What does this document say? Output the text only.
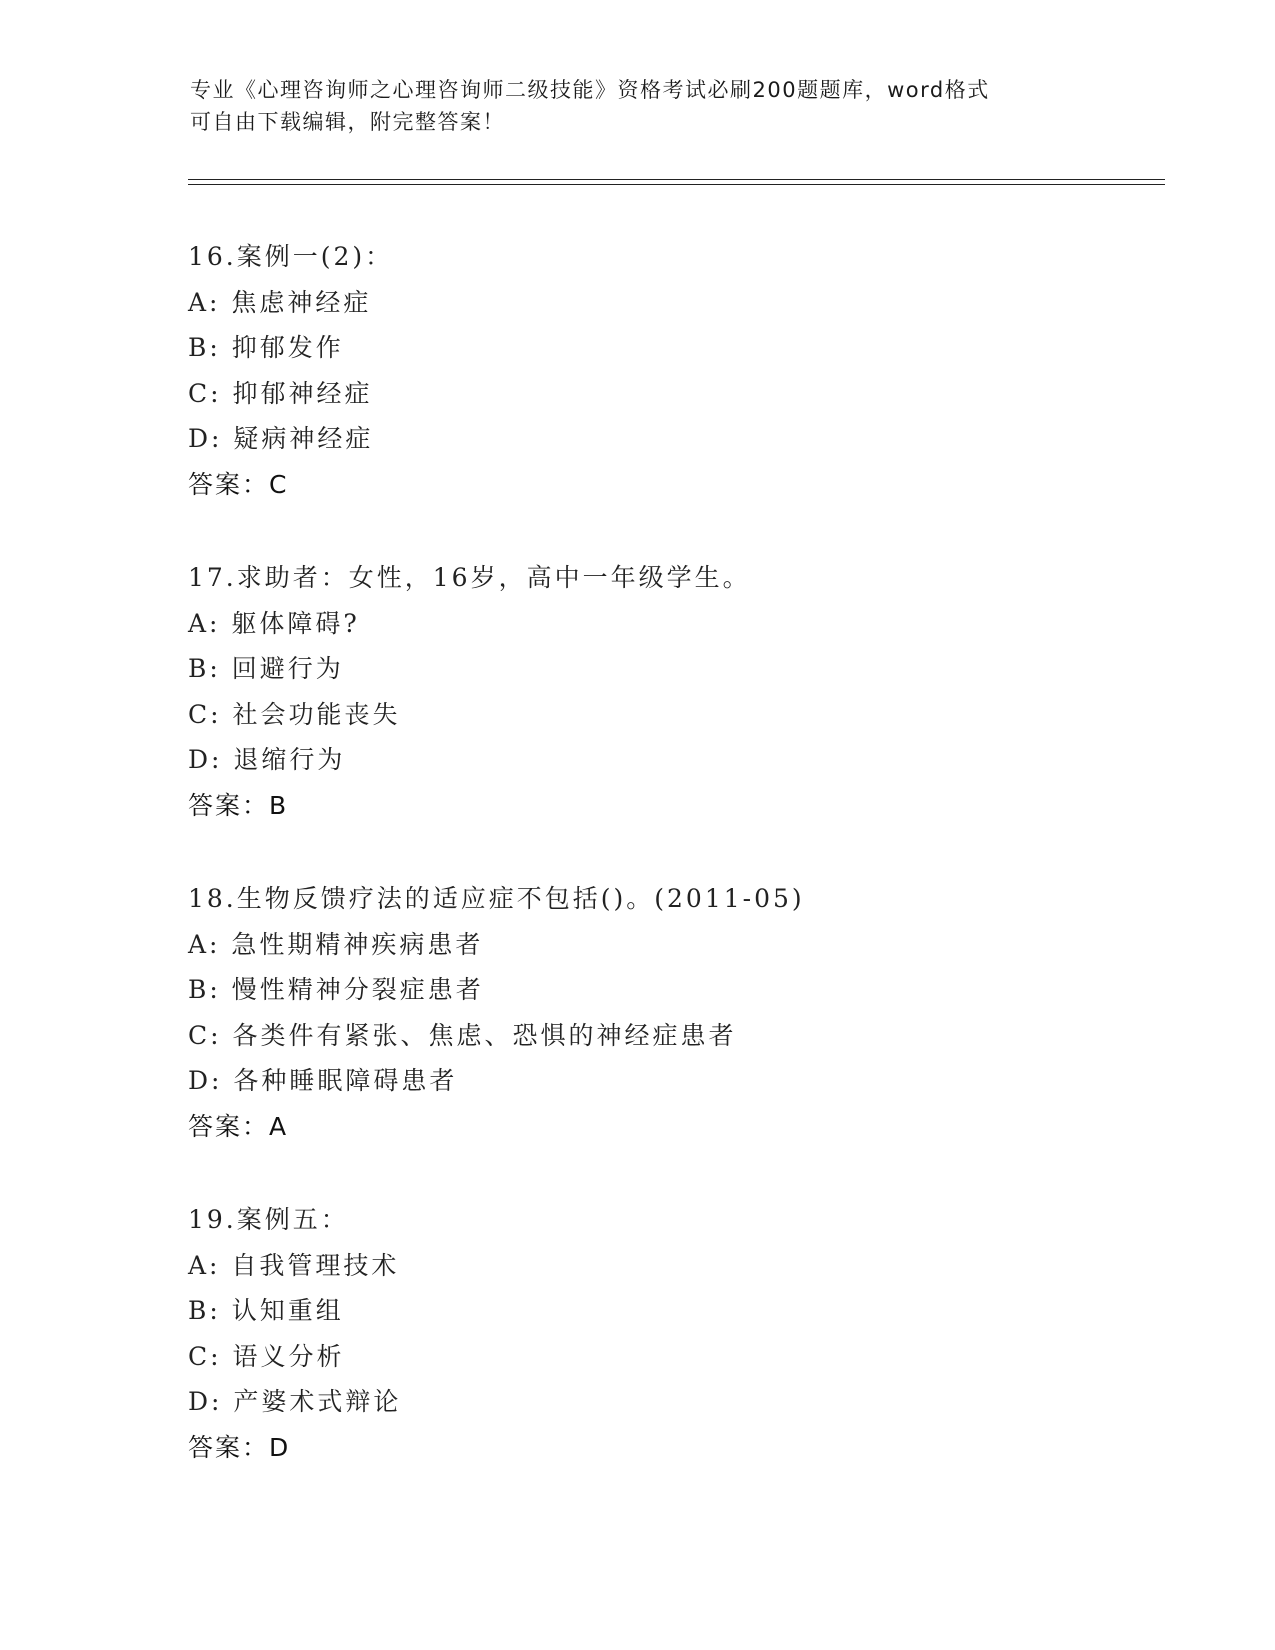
专业《心理咨询师之心理咨询师二级技能》资格考试必刷200题题库，word格式
可自由下载编辑，附完整答案！
16.案例一(2)：
A: 焦虑神经症
B: 抑郁发作
C: 抑郁神经症
D: 疑病神经症
答案：C
17.求助者：女性，16岁，高中一年级学生。
A: 躯体障碍?
B: 回避行为
C: 社会功能丧失
D: 退缩行为
答案：B
18.生物反馈疗法的适应症不包括()。(2011-05)
A: 急性期精神疾病患者
B: 慢性精神分裂症患者
C: 各类件有紧张、焦虑、恐惧的神经症患者
D: 各种睡眠障碍患者
答案：A
19.案例五：
A: 自我管理技术
B: 认知重组
C: 语义分析
D: 产婆术式辩论
答案：D
